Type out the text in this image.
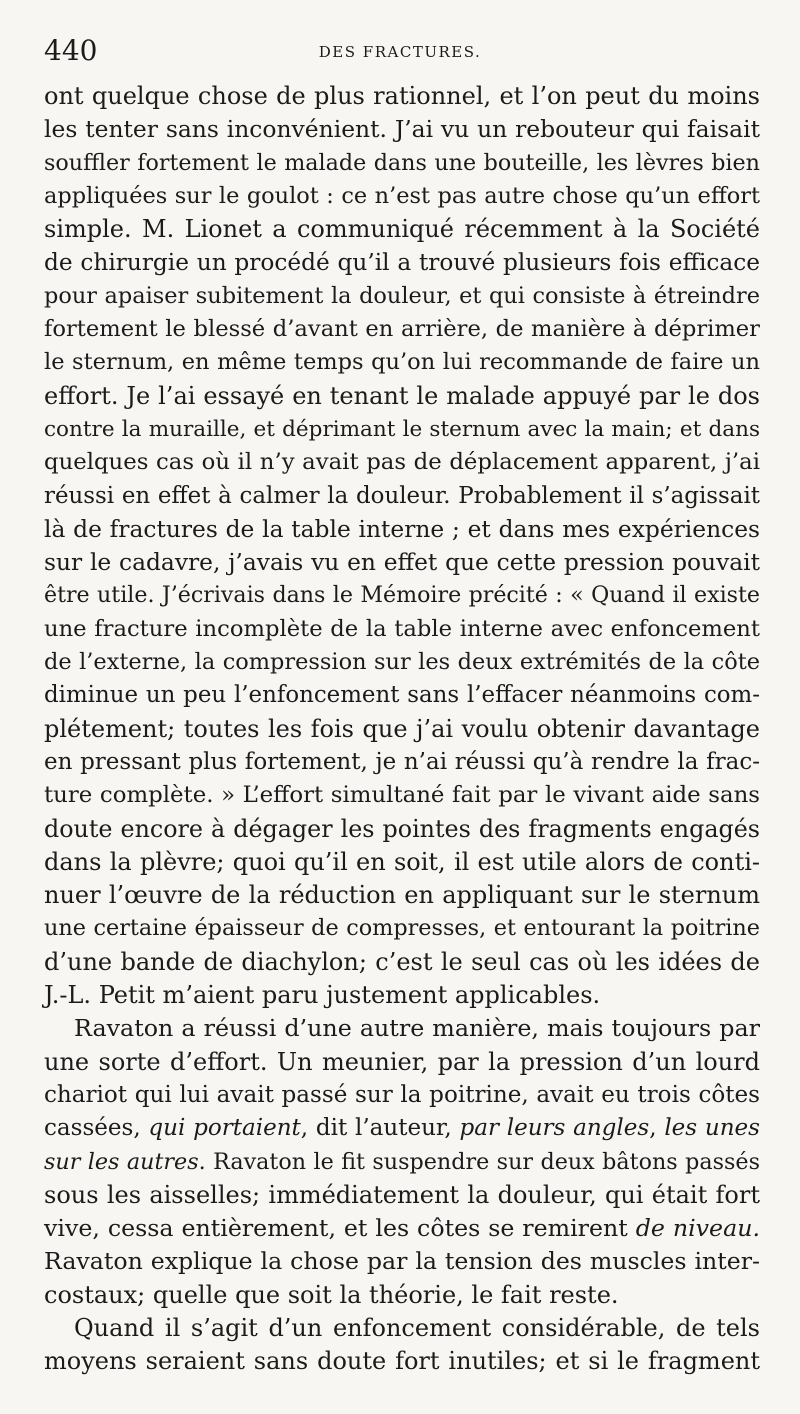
440	DES FRACTURES.
ont quelque chose de plus rationnel, et l’on peut du moins
les tenter sans inconvénient. J’ai vu un rebouteur qui faisait
souffler fortement le malade dans une bouteille, les lèvres bien
appliquées sur le goulot : ce n’est pas autre chose qu’un effort
simple. M. Lionet a communiqué récemment à la Société
de chirurgie un procédé qu’il a trouvé plusieurs fois efficace
pour apaiser subitement la douleur, et qui consiste à étreindre
fortement le blessé d’avant en arrière, de manière à déprimer
le sternum, en même temps qu’on lui recommande de faire un
effort. Je l’ai essayé en tenant le malade appuyé par le dos
contre la muraille, et déprimant le sternum avec la main; et dans
quelques cas où il n’y avait pas de déplacement apparent, j’ai
réussi en effet à calmer la douleur. Probablement il s’agissait
là de fractures de la table interne ; et dans mes expériences
sur le cadavre, j’avais vu en effet que cette pression pouvait
être utile. J’écrivais dans le Mémoire précité : « Quand il existe
une fracture incomplète de la table interne avec enfoncement
de l’externe, la compression sur les deux extrémités de la côte
diminue un peu l’enfoncement sans l’effacer néanmoins com-
plétement; toutes les fois que j’ai voulu obtenir davantage
en pressant plus fortement, je n’ai réussi qu’à rendre la frac-
ture complète. » L’effort simultané fait par le vivant aide sans
doute encore à dégager les pointes des fragments engagés
dans la plèvre; quoi qu’il en soit, il est utile alors de conti-
nuer l’œuvre de la réduction en appliquant sur le sternum
une certaine épaisseur de compresses, et entourant la poitrine
d’une bande de diachylon; c’est le seul cas où les idées de
J.-L. Petit m’aient paru justement applicables.
Ravaton a réussi d’une autre manière, mais toujours par
une sorte d’effort. Un meunier, par la pression d’un lourd
chariot qui lui avait passé sur la poitrine, avait eu trois côtes
cassées, qui portaient, dit l’auteur, par leurs angles, les unes
sur les autres. Ravaton le fit suspendre sur deux bâtons passés
sous les aisselles; immédiatement la douleur, qui était fort
vive, cessa entièrement, et les côtes se remirent de niveau.
Ravaton explique la chose par la tension des muscles inter-
costaux; quelle que soit la théorie, le fait reste.
Quand il s’agit d’un enfoncement considérable, de tels
moyens seraient sans doute fort inutiles; et si le fragment
